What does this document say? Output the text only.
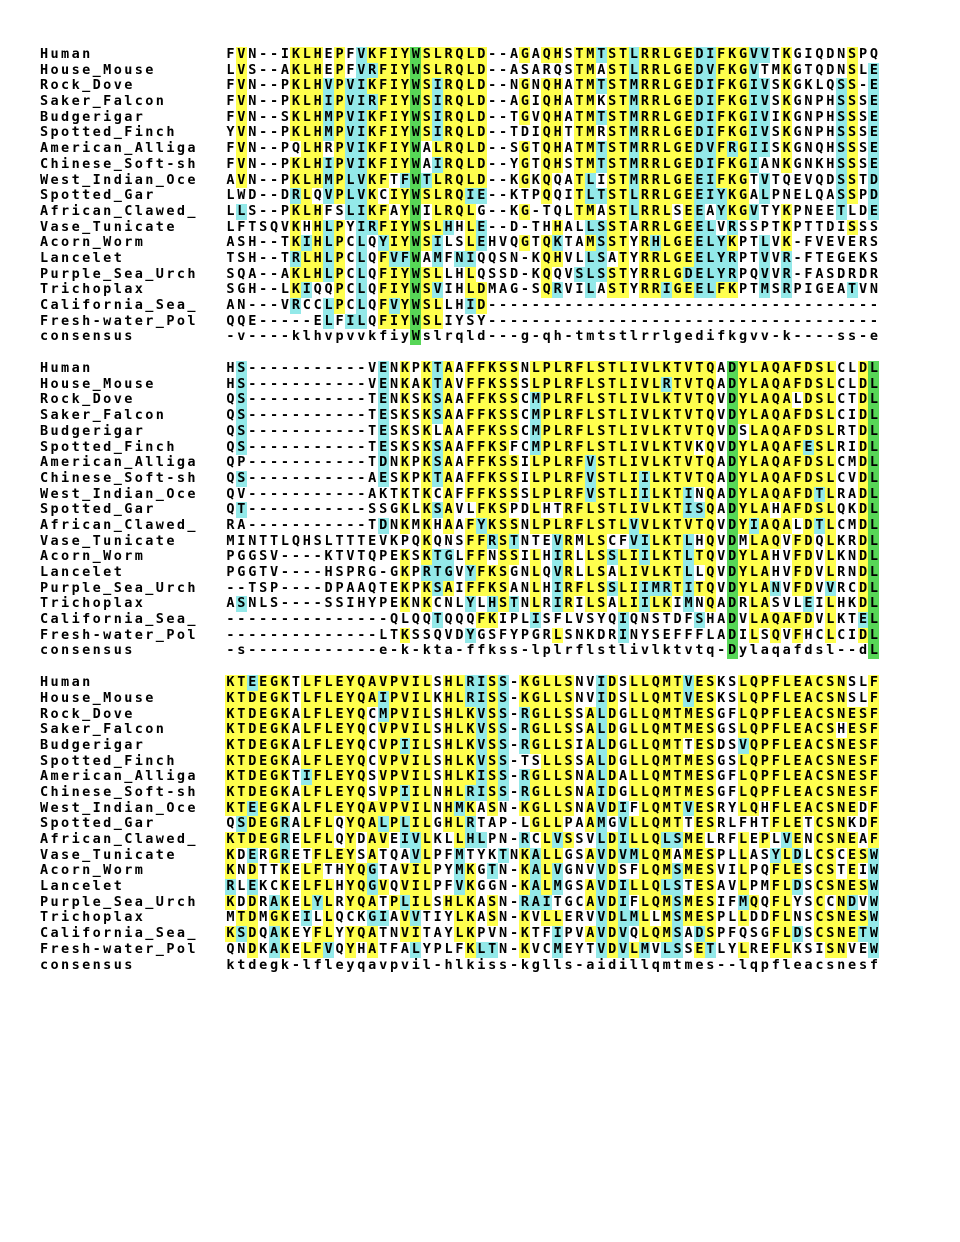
Human	F V N - - I K L H E P F V K F I Y W S L R Q L D - - A G A Q H S T M T S T L R R L G E D I F K G V V T K G I Q D N S P Q
House_Mouse	L V S - - A K L H E P F V R F I Y W S L R Q L D - - A S A R Q S T M A S T L R R L G E D V F K G V T M K G T Q D N S L E
Rock_Dove	F V N - - P K L H V P V I K F I Y W S I R Q L D - - N G N Q H A T M T S T M R R L G E D I F K G I V S K G K L Q S S - E
Saker_Falcon	F V N - - P K L H I P V I R F I Y W S I R Q L D - - A G I Q H A T M K S T M R R L G E D I F K G I V S K G N P H S S S E
Budgerigar	F V N - - S K L H M P V I K F I Y W S I R Q L D - - T G V Q H A T M T S T M R R L G E D I F K G I V I K G N P H S S S E
Spotted_Finch	Y V N - - P K L H M P V I K F I Y W S I R Q L D - - T D I Q H T T M R S T M R R L G E D I F K G I V S K G N P H S S S E
American_Alliga	F V N - - P Q L H R P V I K F I Y W A L R Q L D - - S G T Q H A T M T S T M R R L G E D V F R G I I S K G N Q H S S S E
Chinese_Soft-sh	F V N - - P K L H I P V I K F I Y W A I R Q L D - - Y G T Q H S T M T S T M R R L G E D I F K G I A N K G N K H S S S E
West_Indian_Oce	A V N - - P K L H M P L V K F T F W T L R Q L D - - K G K Q Q A T L I S T M R R L G E E I F K G T V T Q E V Q D S S T D
Spotted_Gar	L W D - - D R L Q V P L V K C I Y W S L R Q I E - - K T P Q Q I T L T S T L R R L G E E I Y K G A L P N E L Q A S S P D
African_Clawed_	L L S - - P K L H F S L I K F A Y W I L R Q L G - - K G - T Q L T M A S T L R R L S E E A Y K G V T Y K P N E E T L D E
Vase_Tunicate	L F T S Q V K H H L P Y I R F I Y W S L H H L E - - D - T H H A L L S S T A R R L G E E L V R S S P T K P T T D I S S S
Acorn_Worm	A S H - - T K I H L P C L Q Y I Y W S I L S L E H V Q G T Q K T A M S S T Y R H L G E E L Y K P T L V K - F V E V E R S
Lancelet	T S H - - T R L H L P C L Q F V F W A M F N I Q Q S N - K Q H V L L S A T Y R R L G E E L Y R P T V V R - F T E G E K S
Purple_Sea_Urch	S Q A - - A K L H L P C L Q F I Y W S L L H L Q S S D - K Q Q V S L S S T Y R R L G D E L Y R P Q V V R - F A S D R D R
Trichoplax	S G H - - L K I Q Q P C L Q F I Y W S V I H L D M A G - S Q R V I L A S T Y R R I G E E L F K P T M S R P I G E A T V N
California_Sea_	A N - - - V R C C L P C L Q F V Y W S L L H I D - - - - - - - - - - - - - - - - - - - - - - - - - - - - - - - - - - - -
Fresh-water_Pol	Q Q E - - - - - E L F I L Q F I Y W S L I Y S Y - - - - - - - - - - - - - - - - - - - - - - - - - - - - - - - - - - - -
consensus	- v - - - - k l h v p v v k f i y W s l r q l d - - - g - q h - t m t s t l r r l g e d i f k g v v - k - - - - s s - e
Human	H S - - - - - - - - - - - V E N K P K T A A F F K S S N L P L R F L S T L I V L K T V T Q A D Y L A Q A F D S L C L D L
House_Mouse	H S - - - - - - - - - - - V E N K A K T A V F F K S S S L P L R F L S T L I V L R T V T Q A D Y L A Q A F D S L C L D L
Rock_Dove	Q S - - - - - - - - - - - T E N K S K S A A F F K S S C M P L R F L S T L I V L K T V T Q V D Y L A Q A L D S L C T D L
Saker_Falcon	Q S - - - - - - - - - - - T E S K S K S A A F F K S S C M P L R F L S T L I V L K T V T Q V D Y L A Q A F D S L C I D L
Budgerigar	Q S - - - - - - - - - - - T E S K S K L A A F F K S S C M P L R F L S T L I V L K T V T Q V D S L A Q A F D S L R T D L
Spotted_Finch	Q S - - - - - - - - - - - T E S K S K S A A F F K S F C M P L R F L S T L I V L K T V K Q V D Y L A Q A F E S L R I D L
American_Alliga	Q P - - - - - - - - - - - T D N K P K S A A F F K S S I L P L R F V S T L I V L K T V T Q A D Y L A Q A F D S L C M D L
Chinese_Soft-sh	Q S - - - - - - - - - - - A E S K P K T A A F F K S S I L P L R F V S T L I I L K T V T Q A D Y L A Q A F D S L C V D L
West_Indian_Oce	Q V - - - - - - - - - - - A K T K T K C A F F F K S S S L P L R F V S T L I I L K T I N Q A D Y L A Q A F D T L R A D L
Spotted_Gar	Q T - - - - - - - - - - - S S G K L K S A V L F K S P D L H T R F L S T L I V L K T I S Q A D Y L A H A F D S L Q K D L
African_Clawed_	R A - - - - - - - - - - - T D N K M K H A A F Y K S S N L P L R F L S T L V V L K T V T Q V D Y I A Q A L D T L C M D L
Vase_Tunicate	M I N T T L Q H S L T T T E V K P Q K Q N S F F R S T N T E V R M L S C F V I L K T L H Q V D M L A Q V F D Q L K R D L
Acorn_Worm	P G G S V - - - - K T V T Q P E K S K T G L F F N S S I L H I R L L S S L I I L K T L T Q V D Y L A H V F D V L K N D L
Lancelet	P G G T V - - - - H S P R G - G K P R T G V Y F K S G N L Q V R L L S A L I V L K T L L Q V D Y L A H V F D V L R N D L
Purple_Sea_Urch	- - T S P - - - - D P A A Q T E K P K S A I F F K S A N L H I R F L S S L I I M R T I T Q V D Y L A N V F D V V R C D L
Trichoplax	A S N L S - - - - S S I H Y P E K N K C N L Y L H S T N L R I R I L S A L I I L K I M N Q A D R L A S V L E I L H K D L
California_Sea_	- - - - - - - - - - - - - - - Q L Q Q T Q Q Q F K I P L I S F L V S Y Q I Q N S T D F S H A D V L A Q A F D V L K T E L
Fresh-water_Pol	- - - - - - - - - - - - - - L T K S S Q V D Y G S F Y P G R L S N K D R I N Y S E F F F L A D I L S Q V F H C L C I D L
consensus	- s - - - - - - - - - - - - e - k - k t a - f f k s s - l p l r f l s t l i v l k t v t q - D y l a q a f d s l - - d L
Human	K T E E G K T L F L E Y Q A V P V I L S H L R I S S - K G L L S N V I D S L L Q M T V E S K S L Q P F L E A C S N S L F
House_Mouse	K T D E G K T L F L E Y Q A I P V I L K H L R I S S - K G L L S N V I D S L L Q M T V E S K S L Q P F L E A C S N S L F
Rock_Dove	K T D E G K A L F L E Y Q C M P V I L S H L K V S S - R G L L S S A L D G L L Q M T M E S G F L Q P F L E A C S N E S F
Saker_Falcon	K T D E G K A L F L E Y Q C V P V I L S H L K V S S - R G L L S S A L D G L L Q M T M E S G S L Q P F L E A C S H E S F
Budgerigar	K T D E G K A L F L E Y Q C V P I I L S H L K V S S - R G L L S I A L D G L L Q M T T E S D S V Q P F L E A C S N E S F
Spotted_Finch	K T D E G K A L F L E Y Q C V P V I L S H L K V S S - T S L L S S A L D G L L Q M T M E S G S L Q P F L E A C S N E S F
American_Alliga	K T D E G K T I F L E Y Q S V P V I L S H L K I S S - R G L L S N A L D A L L Q M T M E S G F L Q P F L E A C S N E S F
Chinese_Soft-sh	K T D E G K A L F L E Y Q S V P I I L N H L R I S S - R G L L S N A I D G L L Q M T M E S G F L Q P F L E A C S N E S F
West_Indian_Oce	K T E E G K A L F L E Y Q A V P V I L N H M K A S N - K G L L S N A V D I F L Q M T V E S R Y L Q H F L E A C S N E D F
Spotted_Gar	Q S D E G R A L F L Q Y Q A L P L I L G H L R T A P - L G L L P A A M G V L L Q M T T E S R L F H T F L E T C S N K D F
African_Clawed_	K T D E G R E L F L Q Y D A V E I V L K L L H L P N - R C L V S S V L D I L L Q L S M E L R F L E P L V E N C S N E A F
Vase_Tunicate	K D E R G R E T F L E Y S A T Q A V L P F M T Y K T N K A L L G S A V D V M L Q M A M E S P L L A S Y L D L C S C E S W
Acorn_Worm	K N D T T K E L F T H Y Q G T A V I L P Y M K G T N - K A L V G N V V D S F L Q M S M E S V I L P Q F L E S C S T E I W
Lancelet	R L E K C K E L F L H Y Q G V Q V I L P F V K G G N - K A L M G S A V D I L L Q L S T E S A V L P M F L D S C S N E S W
Purple_Sea_Urch	K D D R A K E L Y L R Y Q A T P L I L S H L K A S N - R A I T G C A V D I F L Q M S M E S I F M Q Q F L Y S C C N D V W
Trichoplax	M T D M G K E I L L Q C K G I A V V T I Y L K A S N - K V L L E R V V D L M L L M S M E S P L L D D F L N S C S N E S W
California_Sea_	K S D Q A K E Y F L Y Y Q A T N V I T A Y L K P V N - K T F I P V A V D V Q L Q M S A D S P F Q S G F L D S C S N E T W
Fresh-water_Pol	Q N D K A K E L F V Q Y H A T F A L Y P L F K L T N - K V C M E Y T V D V L M V L S S E T L Y L R E F L K S I S N V E W
consensus	k t d e g k - l f l e y q a v p v i l - h l k i s s - k g l l s - a i d i l l q m t m e s - - l q p f l e a c s n e s f
